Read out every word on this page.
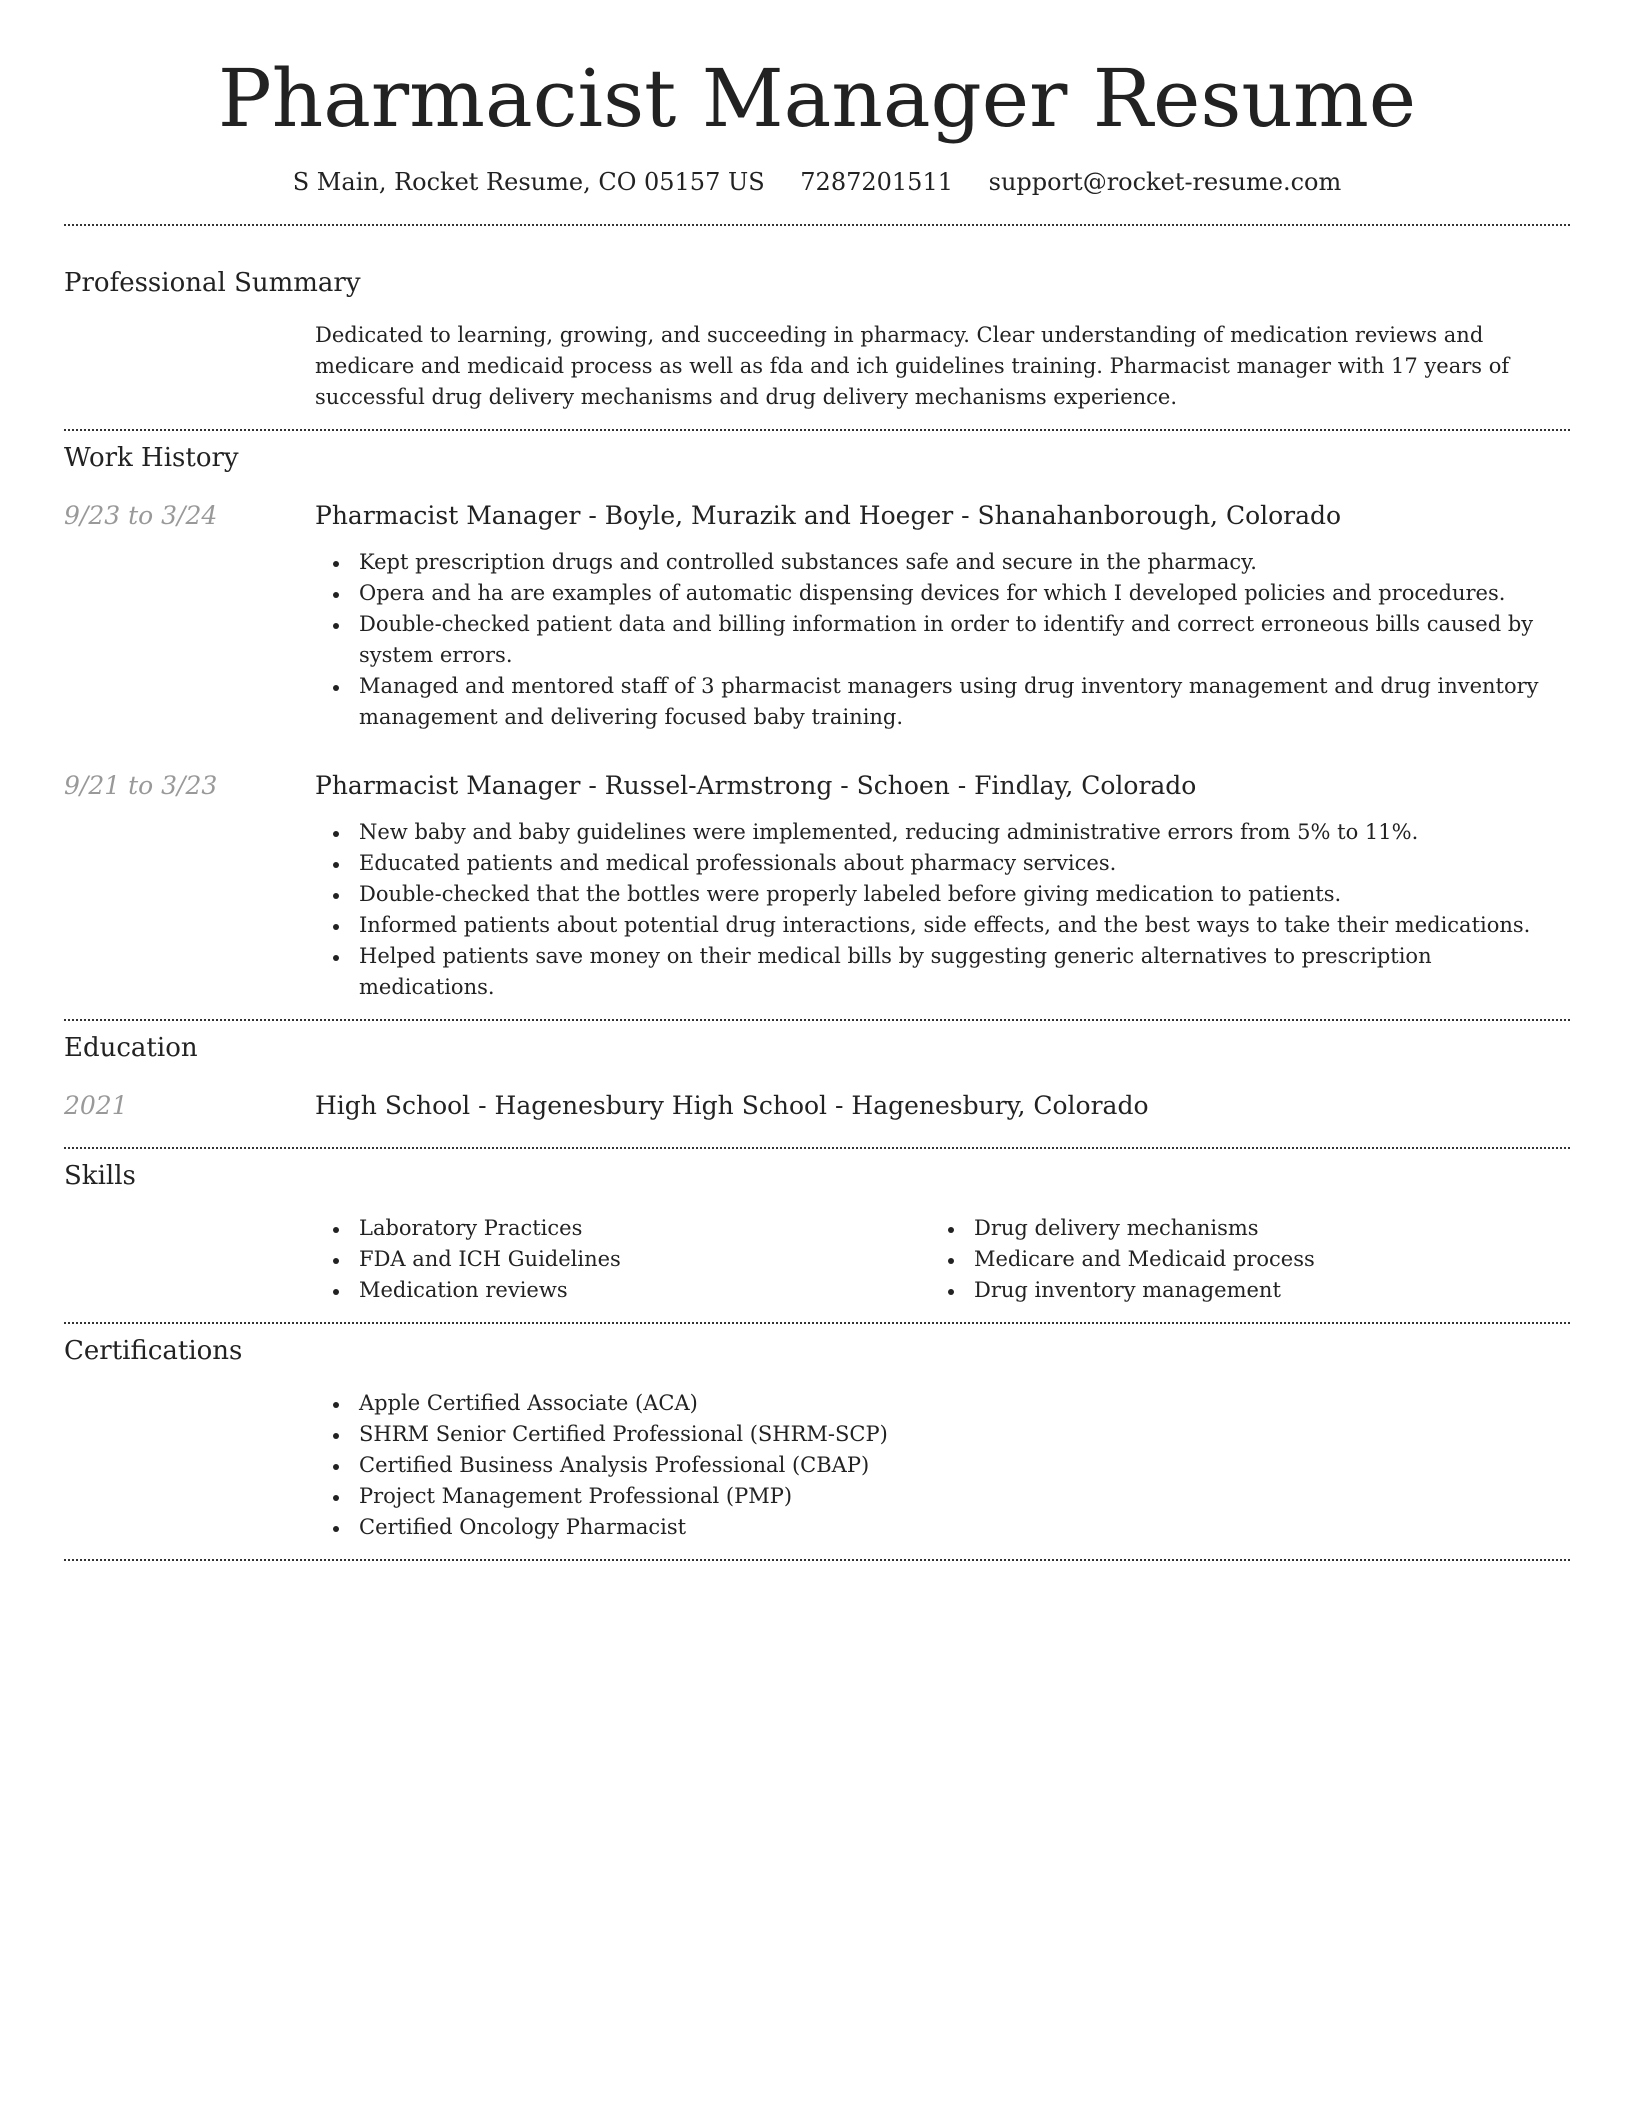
Pharmacist Manager Resume
S Main, Rocket Resume, CO 05157 US 7287201511 support@rocket-resume.com
Professional Summary

Dedicated to learning, growing, and succeeding in pharmacy. Clear understanding of medication reviews and medicare and medicaid process as well as fda and ich guidelines training. Pharmacist manager with 17 years of successful drug delivery mechanisms and drug delivery mechanisms experience.

Work History
9/23 to 3/24	Pharmacist Manager - Boyle, Murazik and Hoeger - Shanahanborough, Colorado
Kept prescription drugs and controlled substances safe and secure in the pharmacy.
Opera and ha are examples of automatic dispensing devices for which I developed policies and procedures.
Double-checked patient data and billing information in order to identify and correct erroneous bills caused by system errors.
Managed and mentored staff of 3 pharmacist managers using drug inventory management and drug inventory management and delivering focused baby training.
9/21 to 3/23	Pharmacist Manager - Russel-Armstrong - Schoen - Findlay, Colorado
New baby and baby guidelines were implemented, reducing administrative errors from 5% to 11%.
Educated patients and medical professionals about pharmacy services.
Double-checked that the bottles were properly labeled before giving medication to patients.
Informed patients about potential drug interactions, side effects, and the best ways to take their medications.
Helped patients save money on their medical bills by suggesting generic alternatives to prescription medications.
Education
2021	High School - Hagenesbury High School - Hagenesbury, Colorado
Skills
Laboratory Practices
FDA and ICH Guidelines
Medication reviews
Drug delivery mechanisms
Medicare and Medicaid process
Drug inventory management
Certifications
Apple Certified Associate (ACA)
SHRM Senior Certified Professional (SHRM-SCP)
Certified Business Analysis Professional (CBAP)
Project Management Professional (PMP)
Certified Oncology Pharmacist
